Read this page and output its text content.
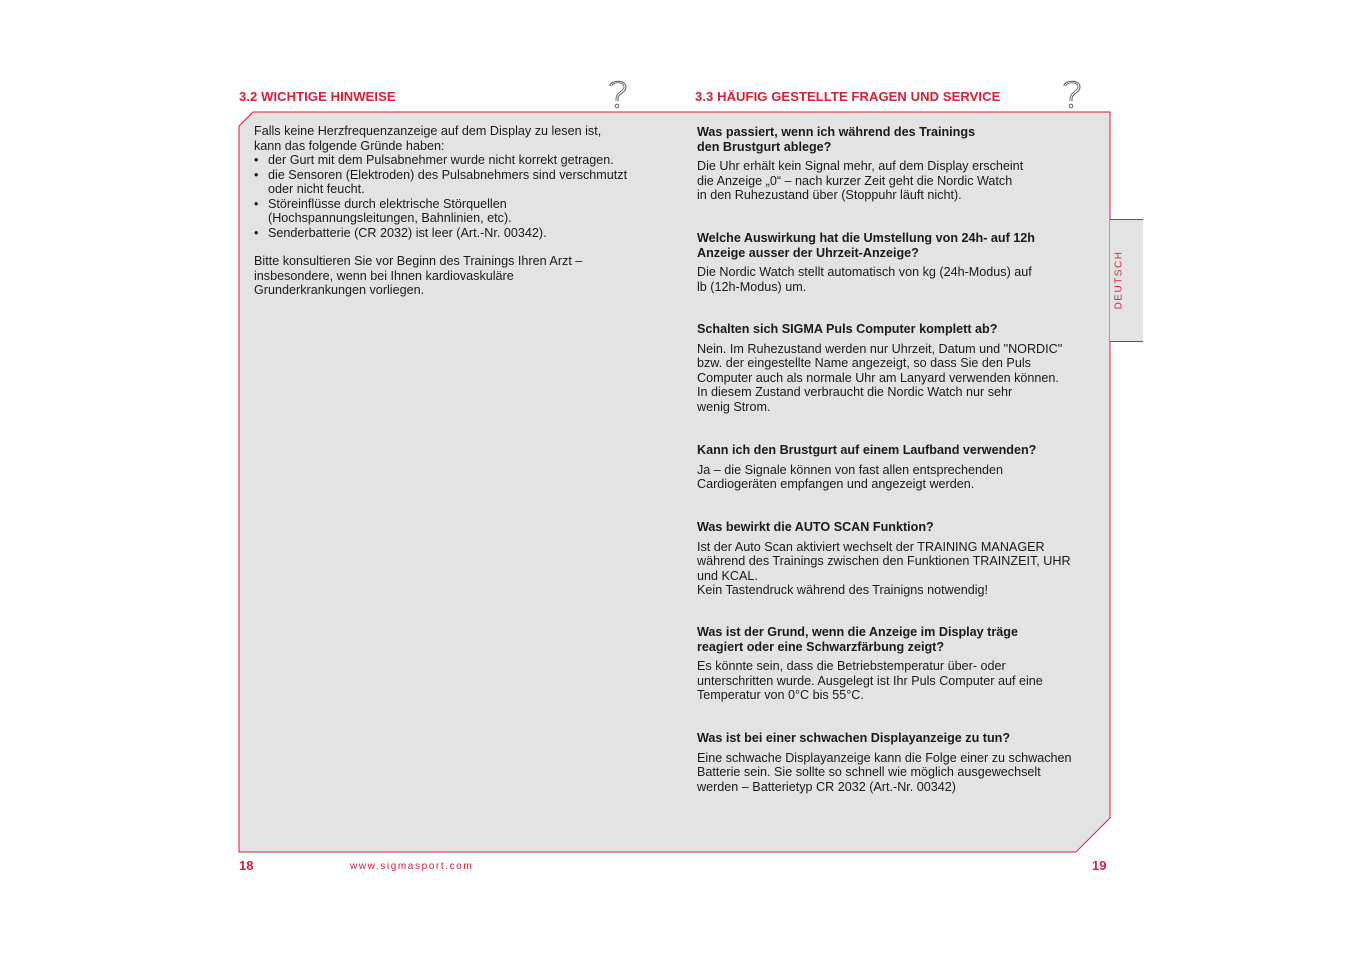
3.2 WICHTIGE HINWEISE	3.3 HÄUFIG GESTELLTE FRAGEN UND SERVICE

Falls keine Herzfrequenzanzeige auf dem Display zu lesen ist,
kann das folgende Gründe haben:

• der Gurt mit dem Pulsabnehmer wurde nicht korrekt getragen.
• die Sensoren (Elektroden) des Pulsabnehmers sind verschmutzt oder nicht feucht.
• Störeinflüsse durch elektrische Störquellen (Hochspannungsleitungen, Bahnlinien, etc).
• Senderbatterie (CR 2032) ist leer (Art.-Nr. 00342).

Bitte konsultieren Sie vor Beginn des Trainings Ihren Arzt –
insbesondere, wenn bei Ihnen kardiovaskuläre
Grunderkrankungen vorliegen.

Was passiert, wenn ich während des Trainings
den Brustgurt ablege?

Die Uhr erhält kein Signal mehr, auf dem Display erscheint
die Anzeige „0“ – nach kurzer Zeit geht die Nordic Watch
in den Ruhezustand über (Stoppuhr läuft nicht).

Welche Auswirkung hat die Umstellung von 24h- auf 12h
Anzeige ausser der Uhrzeit-Anzeige?

Die Nordic Watch stellt automatisch von kg (24h-Modus) auf
lb (12h-Modus) um.

Schalten sich SIGMA Puls Computer komplett ab?

Nein. Im Ruhezustand werden nur Uhrzeit, Datum und "NORDIC"
bzw. der eingestellte Name angezeigt, so dass Sie den Puls
Computer auch als normale Uhr am Lanyard verwenden können.
In diesem Zustand verbraucht die Nordic Watch nur sehr
wenig Strom.

Kann ich den Brustgurt auf einem Laufband verwenden?

Ja – die Signale können von fast allen entsprechenden
Cardiogeräten empfangen und angezeigt werden.

Was bewirkt die AUTO SCAN Funktion?

Ist der Auto Scan aktiviert wechselt der TRAINING MANAGER
während des Trainings zwischen den Funktionen TRAINZEIT, UHR
und KCAL.
Kein Tastendruck während des Trainigns notwendig!

Was ist der Grund, wenn die Anzeige im Display träge
reagiert oder eine Schwarzfärbung zeigt?

Es könnte sein, dass die Betriebstemperatur über- oder
unterschritten wurde. Ausgelegt ist Ihr Puls Computer auf eine
Temperatur von 0°C bis 55°C.

Was ist bei einer schwachen Displayanzeige zu tun?

Eine schwache Displayanzeige kann die Folge einer zu schwachen
Batterie sein. Sie sollte so schnell wie möglich ausgewechselt
werden – Batterietyp CR 2032 (Art.-Nr. 00342)

DEUTSCH
18	www.sigmasport.com	19
